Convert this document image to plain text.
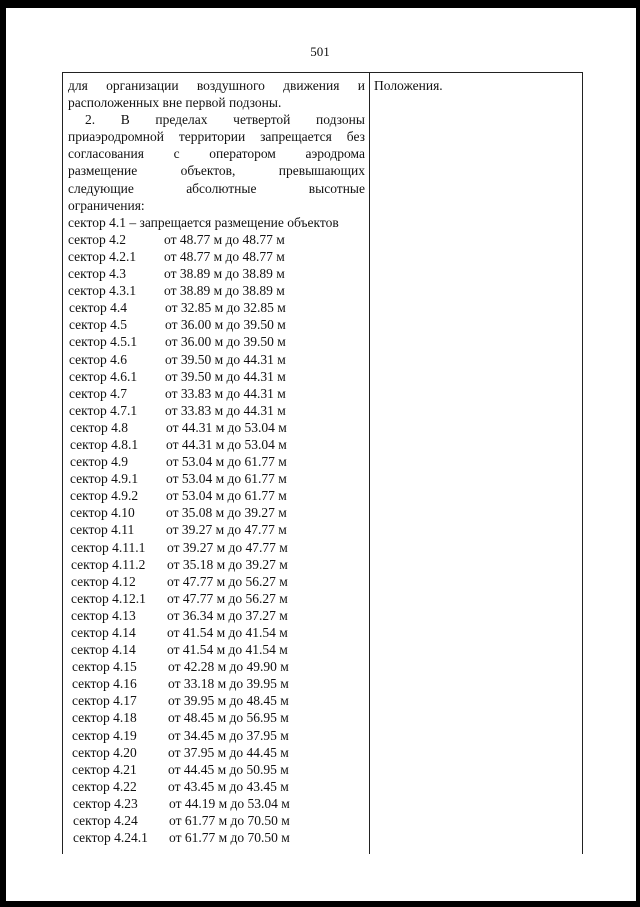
501
для организации воздушного движения и
расположенных вне первой подзоны.
2. В пределах четвертой подзоны
приаэродромной территории запрещается без
согласования с оператором аэродрома
размещение	объектов,	превышающих
следующие	абсолютные	высотные
ограничения:
сектор 4.1 – запрещается размещение объектов
сектор 4.2	от 48.77 м до 48.77 м
сектор 4.2.1	от 48.77 м до 48.77 м
сектор 4.3	от 38.89 м до 38.89 м
сектор 4.3.1	от 38.89 м до 38.89 м
сектор 4.4	от 32.85 м до 32.85 м
сектор 4.5	от 36.00 м до 39.50 м
сектор 4.5.1	от 36.00 м до 39.50 м
сектор 4.6	от 39.50 м до 44.31 м
сектор 4.6.1	от 39.50 м до 44.31 м
сектор 4.7	от 33.83 м до 44.31 м
сектор 4.7.1	от 33.83 м до 44.31 м
сектор 4.8	от 44.31 м до 53.04 м
сектор 4.8.1	от 44.31 м до 53.04 м
сектор 4.9	от 53.04 м до 61.77 м
сектор 4.9.1	от 53.04 м до 61.77 м
сектор 4.9.2	от 53.04 м до 61.77 м
сектор 4.10	от 35.08 м до 39.27 м
сектор 4.11	от 39.27 м до 47.77 м
сектор 4.11.1	от 39.27 м до 47.77 м
сектор 4.11.2	от 35.18 м до 39.27 м
сектор 4.12	от 47.77 м до 56.27 м
сектор 4.12.1	от 47.77 м до 56.27 м
сектор 4.13	от 36.34 м до 37.27 м
сектор 4.14	от 41.54 м до 41.54 м
сектор 4.14	от 41.54 м до 41.54 м
сектор 4.15	от 42.28 м до 49.90 м
сектор 4.16	от 33.18 м до 39.95 м
сектор 4.17	от 39.95 м до 48.45 м
сектор 4.18	от 48.45 м до 56.95 м
сектор 4.19	от 34.45 м до 37.95 м
сектор 4.20	от 37.95 м до 44.45 м
сектор 4.21	от 44.45 м до 50.95 м
сектор 4.22	от 43.45 м до 43.45 м
сектор 4.23	от 44.19 м до 53.04 м
сектор 4.24	от 61.77 м до 70.50 м
сектор 4.24.1	от 61.77 м до 70.50 м
Положения.
